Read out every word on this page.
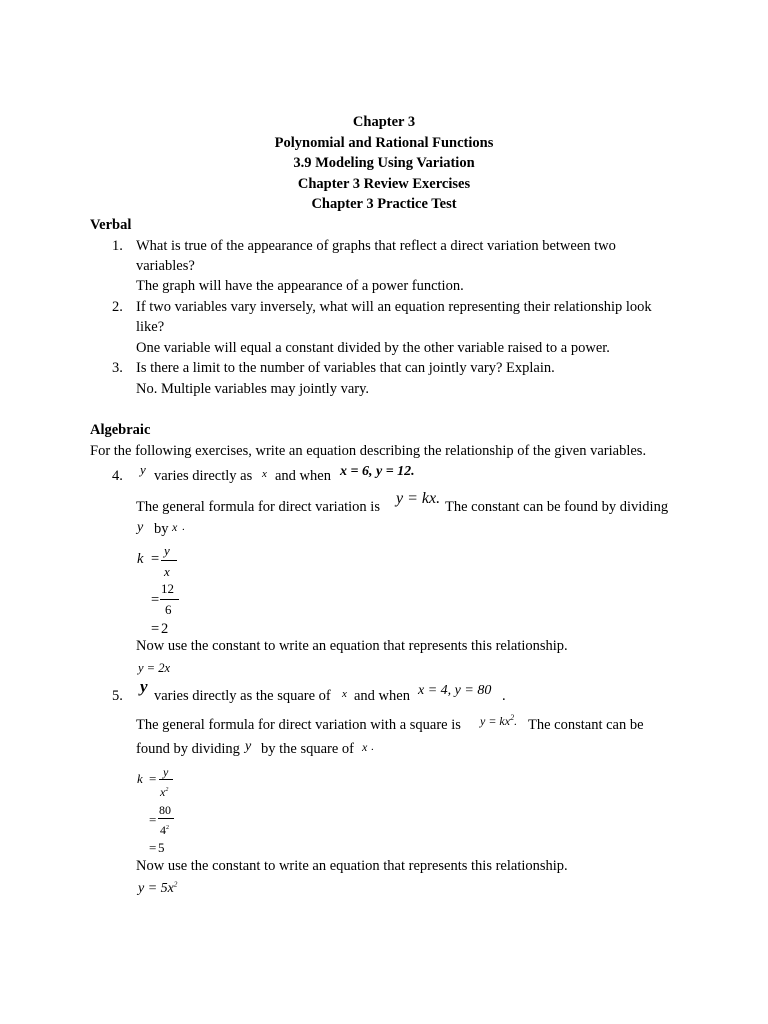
Chapter 3
Polynomial and Rational Functions
3.9 Modeling Using Variation
Chapter 3 Review Exercises
Chapter 3 Practice Test
Verbal
1. What is true of the appearance of graphs that reflect a direct variation between two
variables?
The graph will have the appearance of a power function.
2. If two variables vary inversely, what will an equation representing their relationship look
like?
One variable will equal a constant divided by the other variable raised to a power.
3. Is there a limit to the number of variables that can jointly vary? Explain.
No. Multiple variables may jointly vary.
Algebraic
For the following exercises, write an equation describing the relationship of the given variables.
4. y varies directly as x and when x = 6, y = 12.
The general formula for direct variation is y = kx. The constant can be found by dividing
y by x .
k =
y
x
=
12
6
= 2
Now use the constant to write an equation that represents this relationship.
y = 2x
5. y varies directly as the square of x and when x = 4, y = 80 .
The general formula for direct variation with a square is $y = kx^2$. The constant can be
found by dividing y by the square of x .
k = y
$x^2$
=
80
$4^2$
= 5
Now use the constant to write an equation that represents this relationship.
$y = 5x^2$
